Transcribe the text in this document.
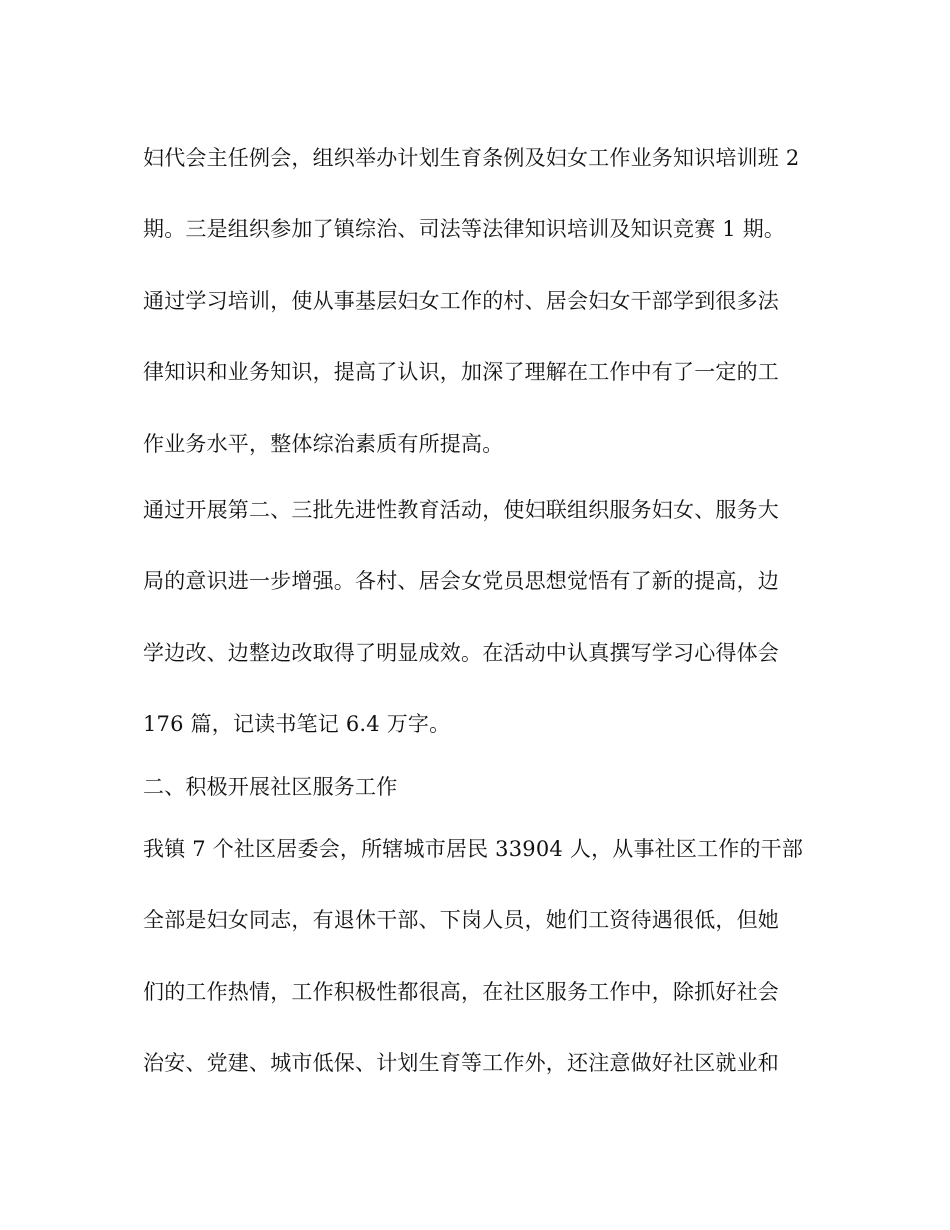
妇代会主任例会，组织举办计划生育条例及妇女工作业务知识培训班 2
期。三是组织参加了镇综治、司法等法律知识培训及知识竞赛 1 期。
通过学习培训，使从事基层妇女工作的村、居会妇女干部学到很多法
律知识和业务知识，提高了认识，加深了理解在工作中有了一定的工
作业务水平，整体综治素质有所提高。
通过开展第二、三批先进性教育活动，使妇联组织服务妇女、服务大
局的意识进一步增强。各村、居会女党员思想觉悟有了新的提高，边
学边改、边整边改取得了明显成效。在活动中认真撰写学习心得体会
176 篇，记读书笔记 6.4 万字。
二、积极开展社区服务工作
我镇 7 个社区居委会，所辖城市居民 33904 人，从事社区工作的干部
全部是妇女同志，有退休干部、下岗人员，她们工资待遇很低，但她
们的工作热情，工作积极性都很高，在社区服务工作中，除抓好社会
治安、党建、城市低保、计划生育等工作外，还注意做好社区就业和
